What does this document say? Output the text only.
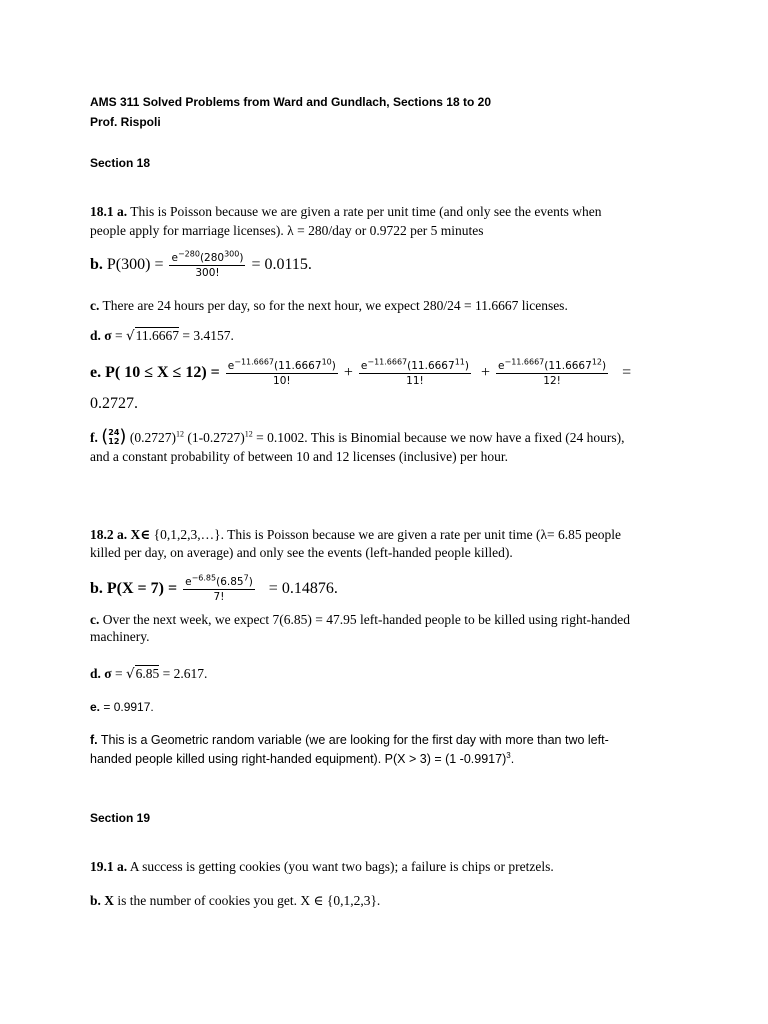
AMS 311 Solved Problems from Ward and Gundlach, Sections 18 to 20
Prof. Rispoli
Section 18
18.1 a. This is Poisson because we are given a rate per unit time (and only see the events when
people apply for marriage licenses). λ = 280/day or 0.9722 per 5 minutes
b. $P(300) = \frac{e^{-280}(280^{300})}{300!} = 0.0115$.
c. There are 24 hours per day, so for the next hour, we expect 280/24 = 11.6667 licenses.
d. σ = √11.6667 = 3.4157.
e. P( $10 \le X \le 12) = \frac{e^{-11.6667}(11.6667^{10})}{10!} + \frac{e^{-11.6667}(11.6667^{11})}{11!} + \frac{e^{-11.6667}(11.6667^{12})}{12!}$ =
0.2727.
f. ( 24
12 ) $(0.2727)^{12}$ $(1-0.2727)^{12} = 0.1002$. This is Binomial because we now have a fixed (24 hours),
and a constant probability of between 10 and 12 licenses (inclusive) per hour.
18.2 a. X∈ {0,1,2,3,…}. This is Poisson because we are given a rate per unit time (λ= 6.85 people
killed per day, on average) and only see the events (left-handed people killed).
b. $P(X = 7) = \frac{e^{-6.85}(6.85^7)}{7!} = 0.14876$.
c. Over the next week, we expect 7(6.85) = 47.95 left-handed people to be killed using right-handed
machinery.
d. σ = √6.85 = 2.617.
e. = 0.9917.
f. This is a Geometric random variable (we are looking for the first day with more than two left-
handed people killed using right-handed equipment). P(X > 3) = (1 -0.9917)$^3$.
Section 19
19.1 a. A success is getting cookies (you want two bags); a failure is chips or pretzels.
b. X is the number of cookies you get. X ∈ {0,1,2,3}.
